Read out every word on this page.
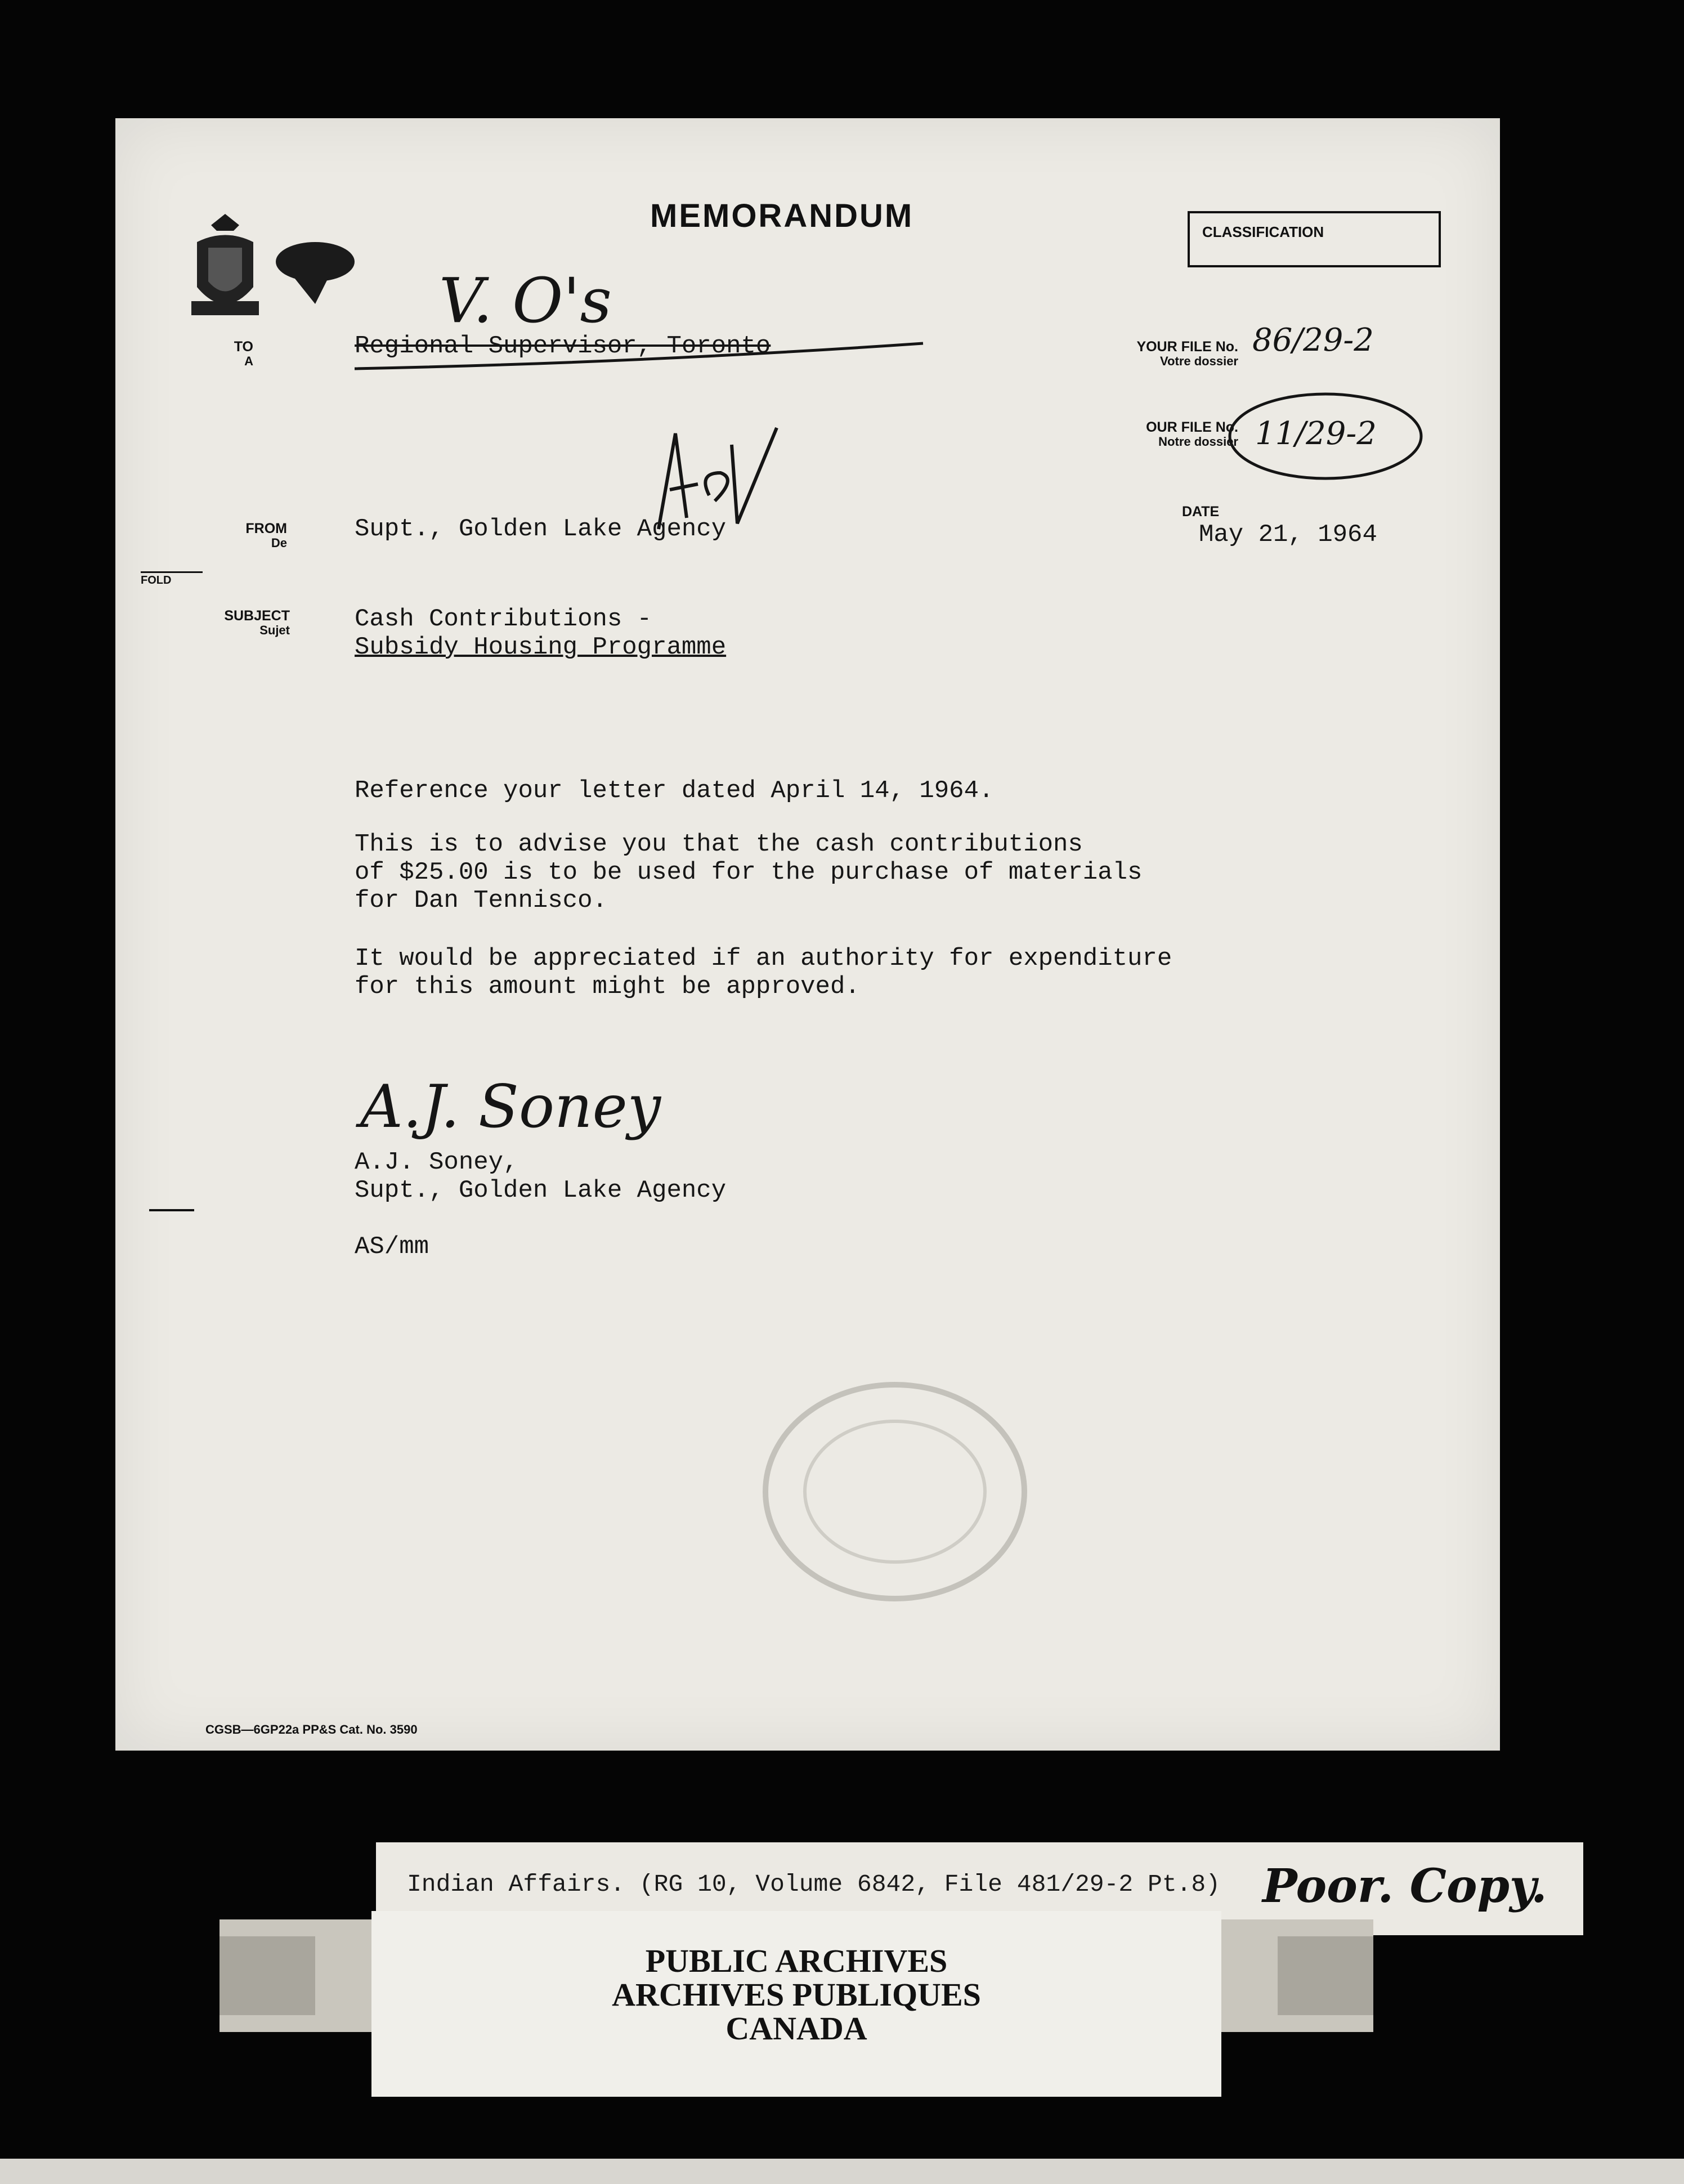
MEMORANDUM	CLASSIFICATION
TO
A
V. O's
Regional Supervisor, Toronto	YOUR FILE No.
Votre dossier
86/29-2
OUR FILE No.
Notre dossier 11/29-2
FROM
De	Supt., Golden Lake Agency
DATE
May 21, 1964
FOLD
SUBJECT
Sujet	Cash Contributions -
Subsidy Housing Programme
Reference your letter dated April 14, 1964.
This is to advise you that the cash contributions
of $25.00 is to be used for the purchase of materials
for Dan Tennisco.
It would be appreciated if an authority for expenditure
for this amount might be approved.
A.J. Soney
A.J. Soney,
Supt., Golden Lake Agency
AS/mm
CGSB—6GP22a PP&S Cat. No. 3590
Indian Affairs. (RG 10, Volume 6842, File 481/29-2 Pt.8) Poor. Copy.
PUBLIC ARCHIVES
ARCHIVES PUBLIQUES
CANADA
